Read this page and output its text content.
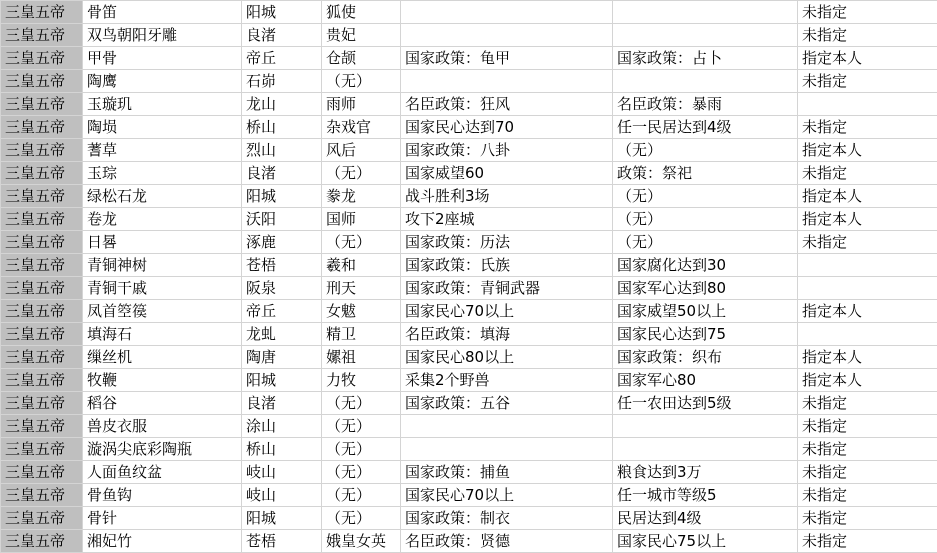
三皇五帝	骨笛	阳城	狐使			未指定
三皇五帝	双鸟朝阳牙雕	良渚	贵妃			未指定
三皇五帝	甲骨	帝丘	仓颉	国家政策：龟甲	国家政策：占卜	指定本人
三皇五帝	陶鹰	石峁	（无）			未指定
三皇五帝	玉璇玑	龙山	雨师	名臣政策：狂风	名臣政策：暴雨	
三皇五帝	陶埙	桥山	杂戏官	国家民心达到70	任一民居达到4级	未指定
三皇五帝	蓍草	烈山	风后	国家政策：八卦	（无）	指定本人
三皇五帝	玉琮	良渚	（无）	国家威望60	政策：祭祀	未指定
三皇五帝	绿松石龙	阳城	豢龙	战斗胜利3场	（无）	指定本人
三皇五帝	卷龙	沃阳	国师	攻下2座城	（无）	指定本人
三皇五帝	日晷	涿鹿	（无）	国家政策：历法	（无）	未指定
三皇五帝	青铜神树	苍梧	羲和	国家政策：氏族	国家腐化达到30	
三皇五帝	青铜干戚	阪泉	刑天	国家政策：青铜武器	国家军心达到80	
三皇五帝	凤首箜篌	帝丘	女魃	国家民心70以上	国家威望50以上	指定本人
三皇五帝	填海石	龙虬	精卫	名臣政策：填海	国家民心达到75	
三皇五帝	缫丝机	陶唐	嫘祖	国家民心80以上	国家政策：织布	指定本人
三皇五帝	牧鞭	阳城	力牧	采集2个野兽	国家军心80	指定本人
三皇五帝	稻谷	良渚	（无）	国家政策：五谷	任一农田达到5级	未指定
三皇五帝	兽皮衣服	涂山	（无）			未指定
三皇五帝	漩涡尖底彩陶瓶	桥山	（无）			未指定
三皇五帝	人面鱼纹盆	岐山	（无）	国家政策：捕鱼	粮食达到3万	未指定
三皇五帝	骨鱼钩	岐山	（无）	国家民心70以上	任一城市等级5	未指定
三皇五帝	骨针	阳城	（无）	国家政策：制衣	民居达到4级	未指定
三皇五帝	湘妃竹	苍梧	娥皇女英	名臣政策：贤德	国家民心75以上	未指定
